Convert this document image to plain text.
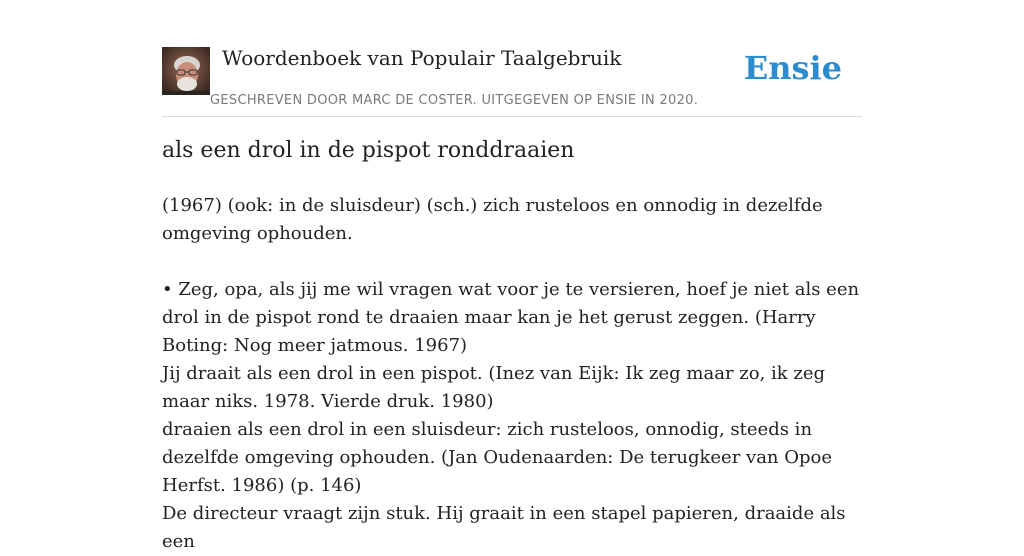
Woordenboek van Populair Taalgebruik
GESCHREVEN DOOR MARC DE COSTER. UITGEGEVEN OP ENSIE IN 2020.
Ensie
als een drol in de pispot ronddraaien

(1967) (ook: in de sluisdeur) (sch.) zich rusteloos en onnodig in dezelfde omgeving ophouden.

• Zeg, opa, als jij me wil vragen wat voor je te versieren, hoef je niet als een drol in de pispot rond te draaien maar kan je het gerust zeggen. (Harry Boting: Nog meer jatmous. 1967)

Jij draait als een drol in een pispot. (Inez van Eijk: Ik zeg maar zo, ik zeg maar niks. 1978. Vierde druk. 1980)

draaien als een drol in een sluisdeur: zich rusteloos, onnodig, steeds in dezelfde omgeving ophouden. (Jan Oudenaarden: De terugkeer van Opoe Herfst. 1986) (p. 146)

De directeur vraagt zijn stuk. Hij graait in een stapel papieren, draaide als een
